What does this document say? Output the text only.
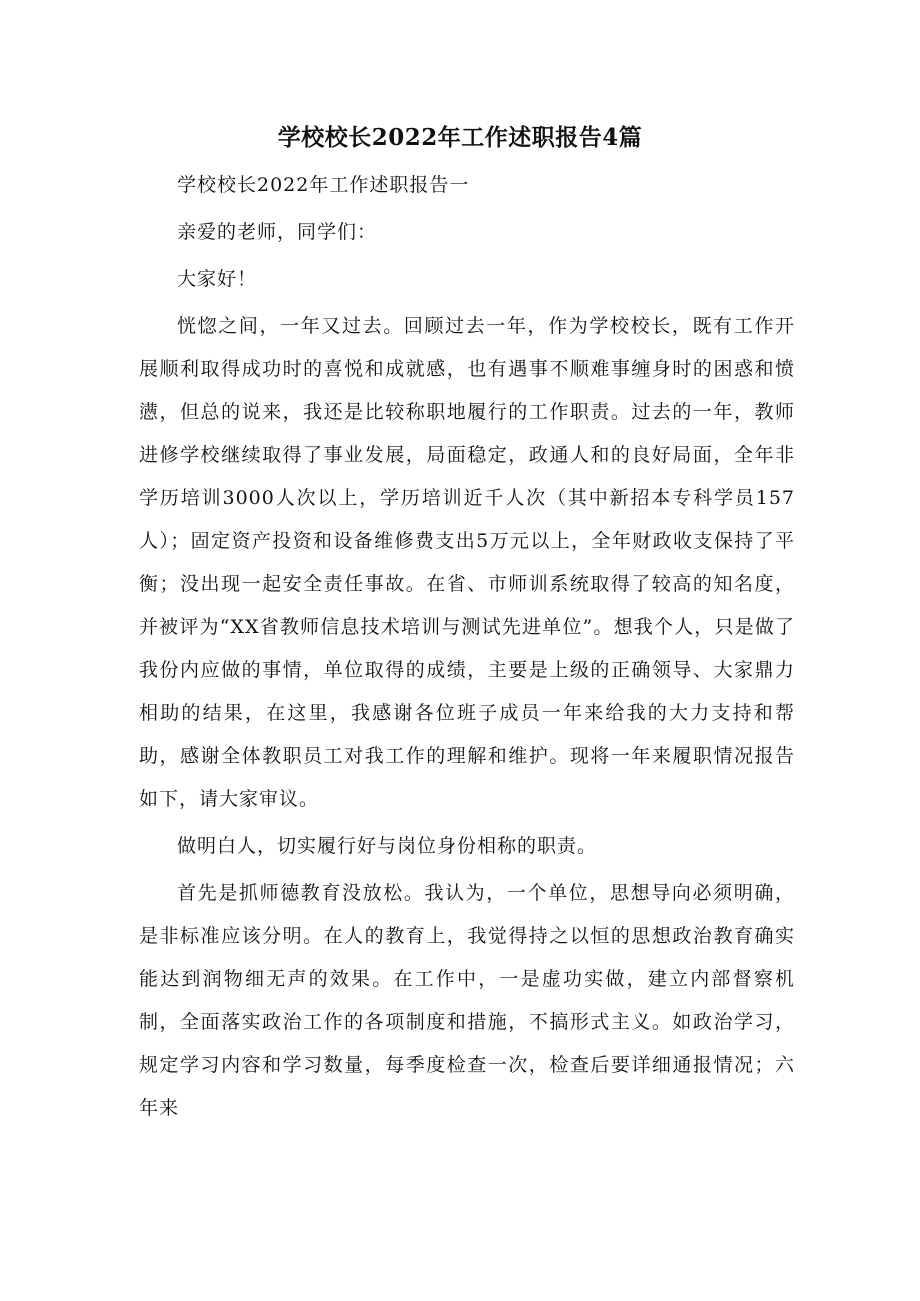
学校校长2022年工作述职报告4篇

学校校长2022年工作述职报告一

亲爱的老师，同学们：

大家好！

恍惚之间，一年又过去。回顾过去一年，作为学校校长，既有工作开展顺利取得成功时的喜悦和成就感，也有遇事不顺难事缠身时的困惑和愤懑，但总的说来，我还是比较称职地履行的工作职责。过去的一年，教师进修学校继续取得了事业发展，局面稳定，政通人和的良好局面，全年非学历培训3000人次以上，学历培训近千人次（其中新招本专科学员157人）；固定资产投资和设备维修费支出5万元以上，全年财政收支保持了平衡；没出现一起安全责任事故。在省、市师训系统取得了较高的知名度，并被评为“XX省教师信息技术培训与测试先进单位”。想我个人，只是做了我份内应做的事情，单位取得的成绩，主要是上级的正确领导、大家鼎力相助的结果，在这里，我感谢各位班子成员一年来给我的大力支持和帮助，感谢全体教职员工对我工作的理解和维护。现将一年来履职情况报告如下，请大家审议。

做明白人，切实履行好与岗位身份相称的职责。

首先是抓师德教育没放松。我认为，一个单位，思想导向必须明确，是非标准应该分明。在人的教育上，我觉得持之以恒的思想政治教育确实能达到润物细无声的效果。在工作中，一是虚功实做，建立内部督察机制，全面落实政治工作的各项制度和措施，不搞形式主义。如政治学习，规定学习内容和学习数量，每季度检查一次，检查后要详细通报情况；六年来
